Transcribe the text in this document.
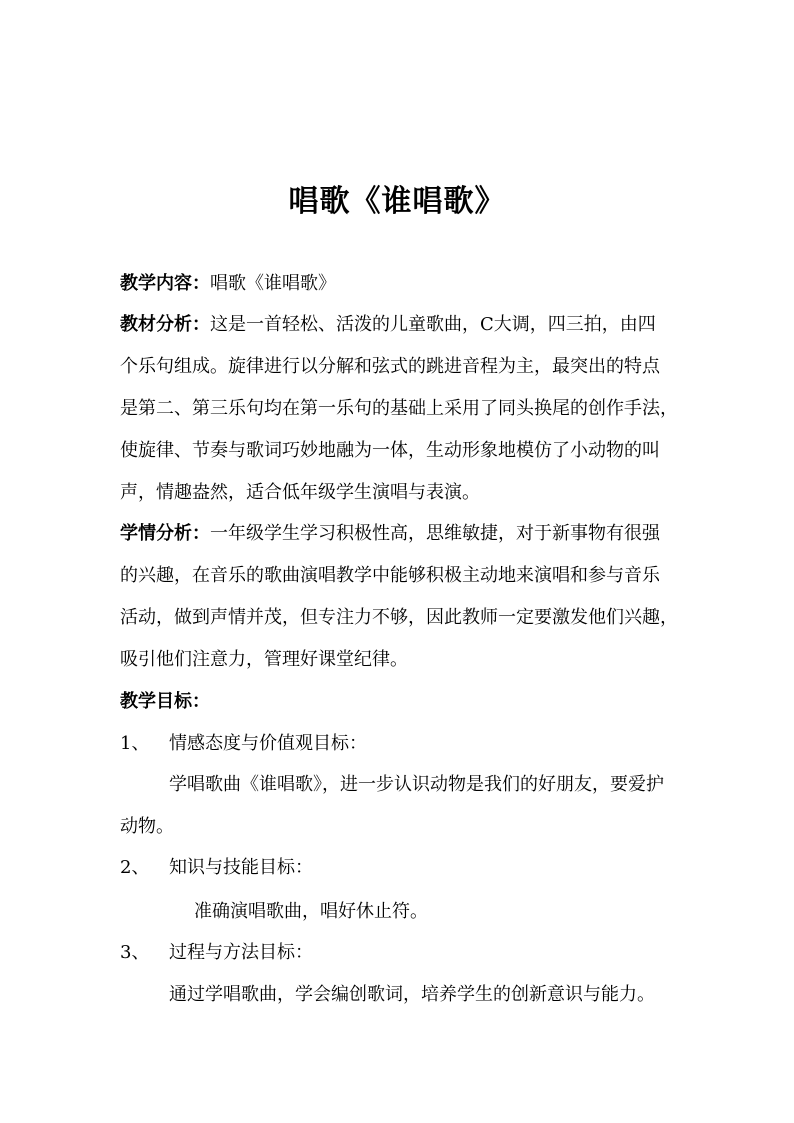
唱歌《谁唱歌》
教学内容：唱歌《谁唱歌》
教材分析：这是一首轻松、活泼的儿童歌曲，C大调，四三拍，由四
个乐句组成。旋律进行以分解和弦式的跳进音程为主，最突出的特点
是第二、第三乐句均在第一乐句的基础上采用了同头换尾的创作手法，
使旋律、节奏与歌词巧妙地融为一体，生动形象地模仿了小动物的叫
声，情趣盎然，适合低年级学生演唱与表演。
学情分析：一年级学生学习积极性高，思维敏捷，对于新事物有很强
的兴趣，在音乐的歌曲演唱教学中能够积极主动地来演唱和参与音乐
活动，做到声情并茂，但专注力不够，因此教师一定要激发他们兴趣，
吸引他们注意力，管理好课堂纪律。
教学目标：
1、 情感态度与价值观目标：
学唱歌曲《谁唱歌》，进一步认识动物是我们的好朋友，要爱护
动物。
2、 知识与技能目标：
准确演唱歌曲，唱好休止符。
3、 过程与方法目标：
通过学唱歌曲，学会编创歌词，培养学生的创新意识与能力。
